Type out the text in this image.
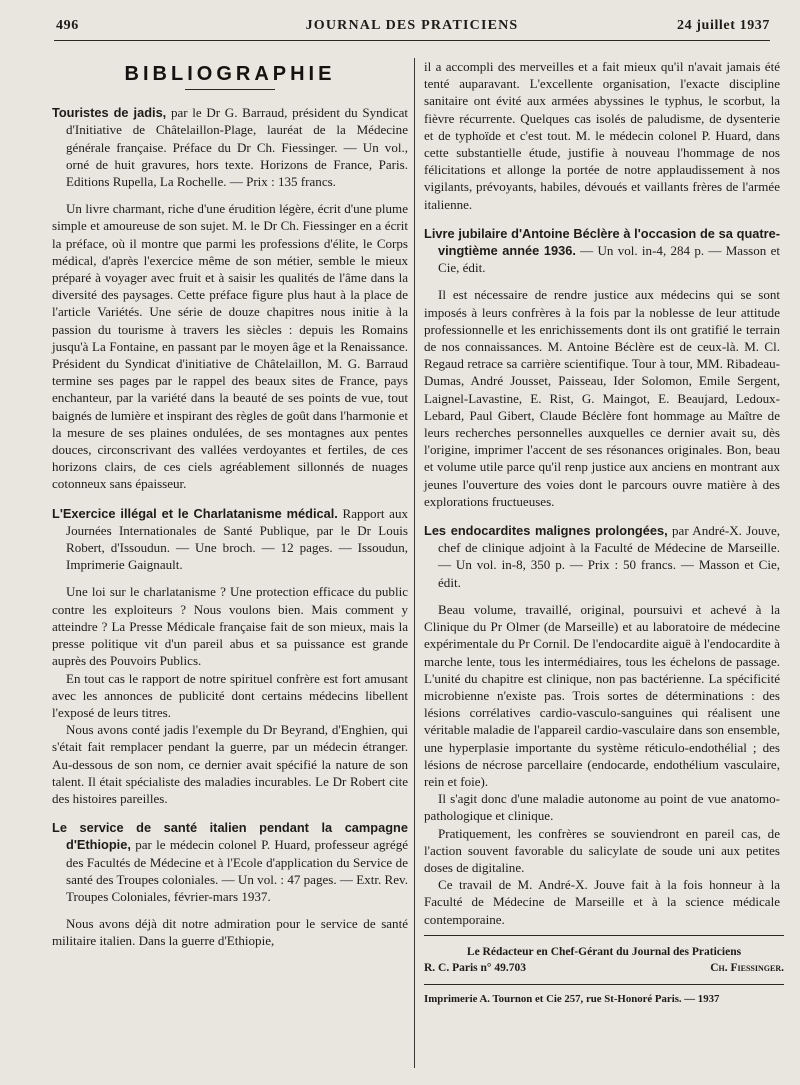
496	JOURNAL DES PRATICIENS	24 juillet 1937
BIBLIOGRAPHIE
Touristes de jadis, par le Dr G. Barraud, président du Syndicat d'Initiative de Châtelaillon-Plage, lauréat de la Médecine générale française. Préface du Dr Ch. Fiessinger. — Un vol., orné de huit gravures, hors texte. Horizons de France, Paris. Editions Rupella, La Rochelle. — Prix : 135 francs.

Un livre charmant, riche d'une érudition légère, écrit d'une plume simple et amoureuse de son sujet. M. le Dr Ch. Fiessinger en a écrit la préface, où il montre que parmi les professions d'élite, le Corps médical, d'après l'exercice même de son métier, semble le mieux préparé à voyager avec fruit et à saisir les qualités de l'âme dans la diversité des paysages. Cette préface figure plus haut à la place de l'article Variétés. Une série de douze chapitres nous initie à la passion du tourisme à travers les siècles : depuis les Romains jusqu'à La Fontaine, en passant par le moyen âge et la Renaissance. Président du Syndicat d'initiative de Châtelaillon, M. G. Barraud termine ses pages par le rappel des beaux sites de France, pays enchanteur, par la variété dans la beauté de ses points de vue, tout baignés de lumière et inspirant des règles de goût dans l'harmonie et la mesure de ses plaines ondulées, de ses montagnes aux pentes douces, circonscrivant des vallées verdoyantes et fertiles, de ces horizons clairs, de ces ciels agréablement sillonnés de nuages cotonneux sans épaisseur.

L'Exercice illégal et le Charlatanisme médical. Rapport aux Journées Internationales de Santé Publique, par le Dr Louis Robert, d'Issoudun. — Une broch. — 12 pages. — Issoudun, Imprimerie Gaignault.

Une loi sur le charlatanisme ? Une protection efficace du public contre les exploiteurs ? Nous voulons bien. Mais comment y atteindre ? La Presse Médicale française fait de son mieux, mais la presse politique vit d'un pareil abus et sa puissance est grande auprès des Pouvoirs Publics.

En tout cas le rapport de notre spirituel confrère est fort amusant avec les annonces de publicité dont certains médecins libellent l'exposé de leurs titres.

Nous avons conté jadis l'exemple du Dr Beyrand, d'Enghien, qui s'était fait remplacer pendant la guerre, par un médecin étranger. Au-dessous de son nom, ce dernier avait spécifié la nature de son talent. Il était spécialiste des maladies incurables. Le Dr Robert cite des histoires pareilles.

Le service de santé italien pendant la campagne d'Ethiopie, par le médecin colonel P. Huard, professeur agrégé des Facultés de Médecine et à l'Ecole d'application du Service de santé des Troupes coloniales. — Un vol. : 47 pages. — Extr. Rev. Troupes Coloniales, février-mars 1937.

Nous avons déjà dit notre admiration pour le service de santé militaire italien. Dans la guerre d'Ethiopie,

il a accompli des merveilles et a fait mieux qu'il n'avait jamais été tenté auparavant. L'excellente organisation, l'exacte discipline sanitaire ont évité aux armées abyssines le typhus, le scorbut, la fièvre récurrente. Quelques cas isolés de paludisme, de dysenterie et de typhoïde et c'est tout. M. le médecin colonel P. Huard, dans cette substantielle étude, justifie à nouveau l'hommage de nos félicitations et allonge la portée de notre applaudissement à nos vigilants, prévoyants, habiles, dévoués et vaillants frères de l'armée italienne.

Livre jubilaire d'Antoine Béclère à l'occasion de sa quatre-vingtième année 1936. — Un vol. in-4, 284 p. — Masson et Cie, édit.

Il est nécessaire de rendre justice aux médecins qui se sont imposés à leurs confrères à la fois par la noblesse de leur attitude professionnelle et les enrichissements dont ils ont gratifié le terrain de nos connaissances. M. Antoine Béclère est de ceux-là. M. Cl. Regaud retrace sa carrière scientifique. Tour à tour, MM. Ribadeau-Dumas, André Jousset, Paisseau, Ider Solomon, Emile Sergent, Laignel-Lavastine, E. Rist, G. Maingot, E. Beaujard, Ledoux-Lebard, Paul Gibert, Claude Béclère font hommage au Maître de leurs recherches personnelles auxquelles ce dernier avait su, dès l'origine, imprimer l'accent de ses résonances originales. Bon, beau et volume utile parce qu'il renp justice aux anciens en montrant aux jeunes l'ouverture des voies dont le parcours ouvre matière à des explorations fructueuses.

Les endocardites malignes prolongées, par André-X. Jouve, chef de clinique adjoint à la Faculté de Médecine de Marseille. — Un vol. in-8, 350 p. — Prix : 50 francs. — Masson et Cie, édit.

Beau volume, travaillé, original, poursuivi et achevé à la Clinique du Pr Olmer (de Marseille) et au laboratoire de médecine expérimentale du Pr Cornil. De l'endocardite aiguë à l'endocardite à marche lente, tous les intermédiaires, tous les échelons de passage. L'unité du chapitre est clinique, non pas bactérienne. La spécificité microbienne n'existe pas. Trois sortes de déterminations : des lésions corrélatives cardio-vasculo-sanguines qui réalisent une véritable maladie de l'appareil cardio-vasculaire dans son ensemble, une hyperplasie importante du système réticulo-endothélial ; des lésions de nécrose parcellaire (endocarde, endothélium vasculaire, rein et foie).

Il s'agit donc d'une maladie autonome au point de vue anatomo-pathologique et clinique.

Pratiquement, les confrères se souviendront en pareil cas, de l'action souvent favorable du salicylate de soude uni aux petites doses de digitaline.

Ce travail de M. André-X. Jouve fait à la fois honneur à la Faculté de Médecine de Marseille et à la science médicale contemporaine.

Le Rédacteur en Chef-Gérant du Journal des Praticiens
R. C. Paris n° 49.703	Ch. Fiessinger.
Imprimerie A. Tournon et Cie 257, rue St-Honoré Paris. — 1937
